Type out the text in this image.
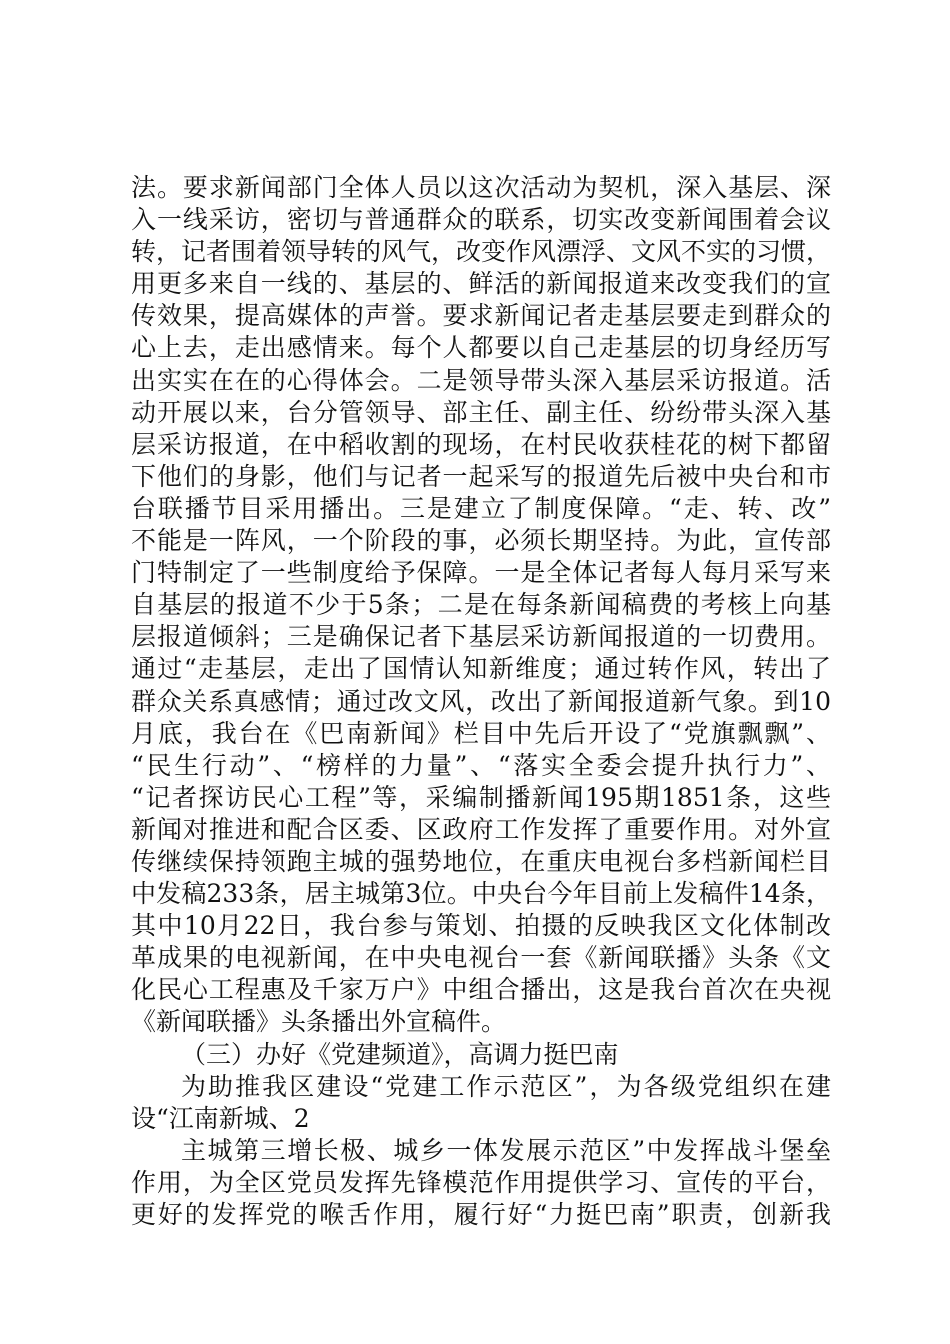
法。要求新闻部门全体人员以这次活动为契机，深入基层、深
入一线采访，密切与普通群众的联系，切实改变新闻围着会议
转，记者围着领导转的风气，改变作风漂浮、文风不实的习惯，
用更多来自一线的、基层的、鲜活的新闻报道来改变我们的宣
传效果，提高媒体的声誉。要求新闻记者走基层要走到群众的
心上去，走出感情来。每个人都要以自己走基层的切身经历写
出实实在在的心得体会。二是领导带头深入基层采访报道。活
动开展以来，台分管领导、部主任、副主任、纷纷带头深入基
层采访报道，在中稻收割的现场，在村民收获桂花的树下都留
下他们的身影，他们与记者一起采写的报道先后被中央台和市
台联播节目采用播出。三是建立了制度保障。“走、转、改”
不能是一阵风，一个阶段的事，必须长期坚持。为此，宣传部
门特制定了一些制度给予保障。一是全体记者每人每月采写来
自基层的报道不少于5条；二是在每条新闻稿费的考核上向基
层报道倾斜；三是确保记者下基层采访新闻报道的一切费用。
通过“走基层，走出了国情认知新维度；通过转作风，转出了
群众关系真感情；通过改文风，改出了新闻报道新气象。到10
月底，我台在《巴南新闻》栏目中先后开设了“党旗飘飘”、
“民生行动”、“榜样的力量”、“落实全委会提升执行力”、
“记者探访民心工程”等，采编制播新闻195期1851条，这些
新闻对推进和配合区委、区政府工作发挥了重要作用。对外宣
传继续保持领跑主城的强势地位，在重庆电视台多档新闻栏目
中发稿233条，居主城第3位。中央台今年目前上发稿件14条，
其中10月22日，我台参与策划、拍摄的反映我区文化体制改
革成果的电视新闻，在中央电视台一套《新闻联播》头条《文
化民心工程惠及千家万户》中组合播出，这是我台首次在央视
《新闻联播》头条播出外宣稿件。
（三）办好《党建频道》，高调力挺巴南
为助推我区建设“党建工作示范区”，为各级党组织在建
设“江南新城、2
主城第三增长极、城乡一体发展示范区”中发挥战斗堡垒
作用，为全区党员发挥先锋模范作用提供学习、宣传的平台，
更好的发挥党的喉舌作用，履行好“力挺巴南”职责，创新我
